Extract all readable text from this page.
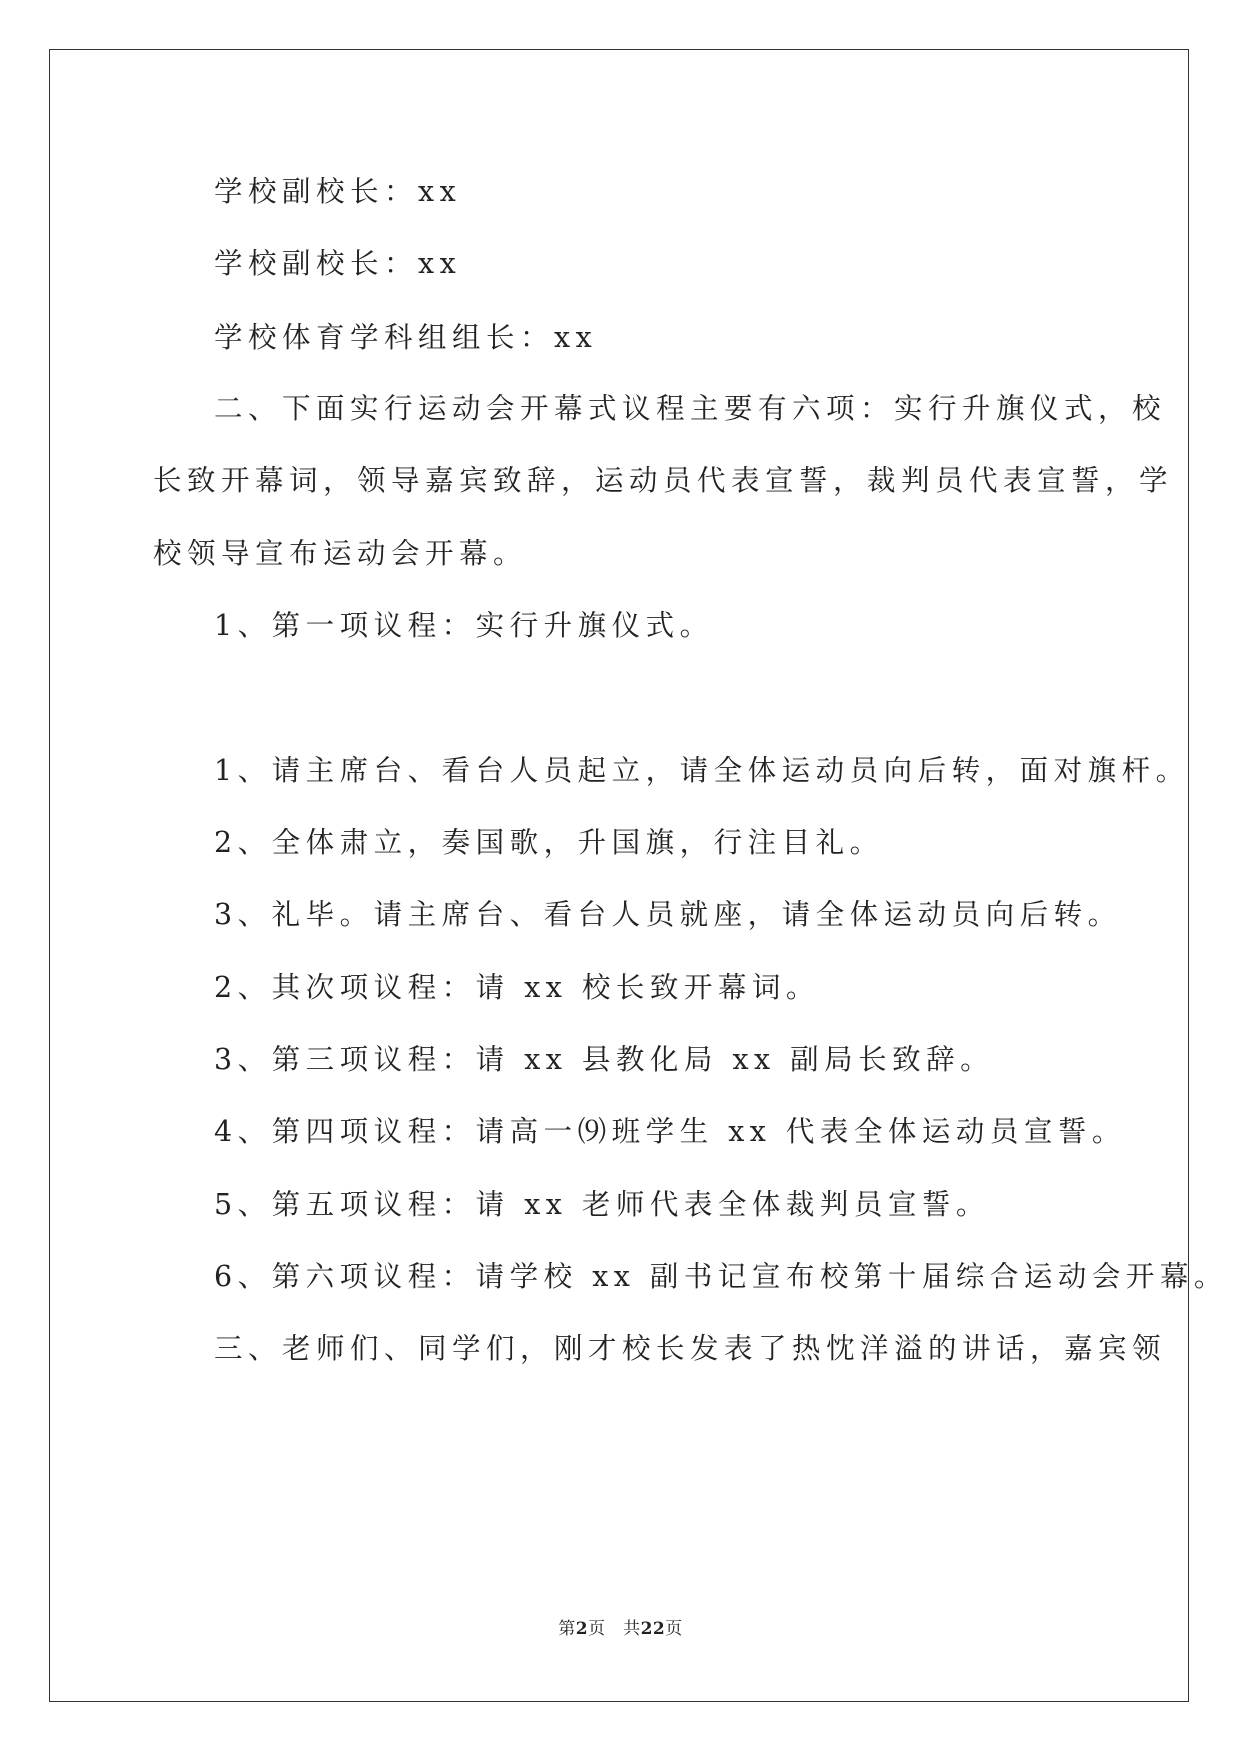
学校副校长：xx
学校副校长：xx
学校体育学科组组长：xx
二、下面实行运动会开幕式议程主要有六项：实行升旗仪式，校
长致开幕词，领导嘉宾致辞，运动员代表宣誓，裁判员代表宣誓，学
校领导宣布运动会开幕。
1、第一项议程：实行升旗仪式。
1、请主席台、看台人员起立，请全体运动员向后转，面对旗杆。
2、全体肃立，奏国歌，升国旗，行注目礼。
3、礼毕。请主席台、看台人员就座，请全体运动员向后转。
2、其次项议程：请 xx 校长致开幕词。
3、第三项议程：请 xx 县教化局 xx 副局长致辞。
4、第四项议程：请高一⑼班学生 xx 代表全体运动员宣誓。
5、第五项议程：请 xx 老师代表全体裁判员宣誓。
6、第六项议程：请学校 xx 副书记宣布校第十届综合运动会开幕。
三、老师们、同学们，刚才校长发表了热忱洋溢的讲话，嘉宾领
第2页　共22页
